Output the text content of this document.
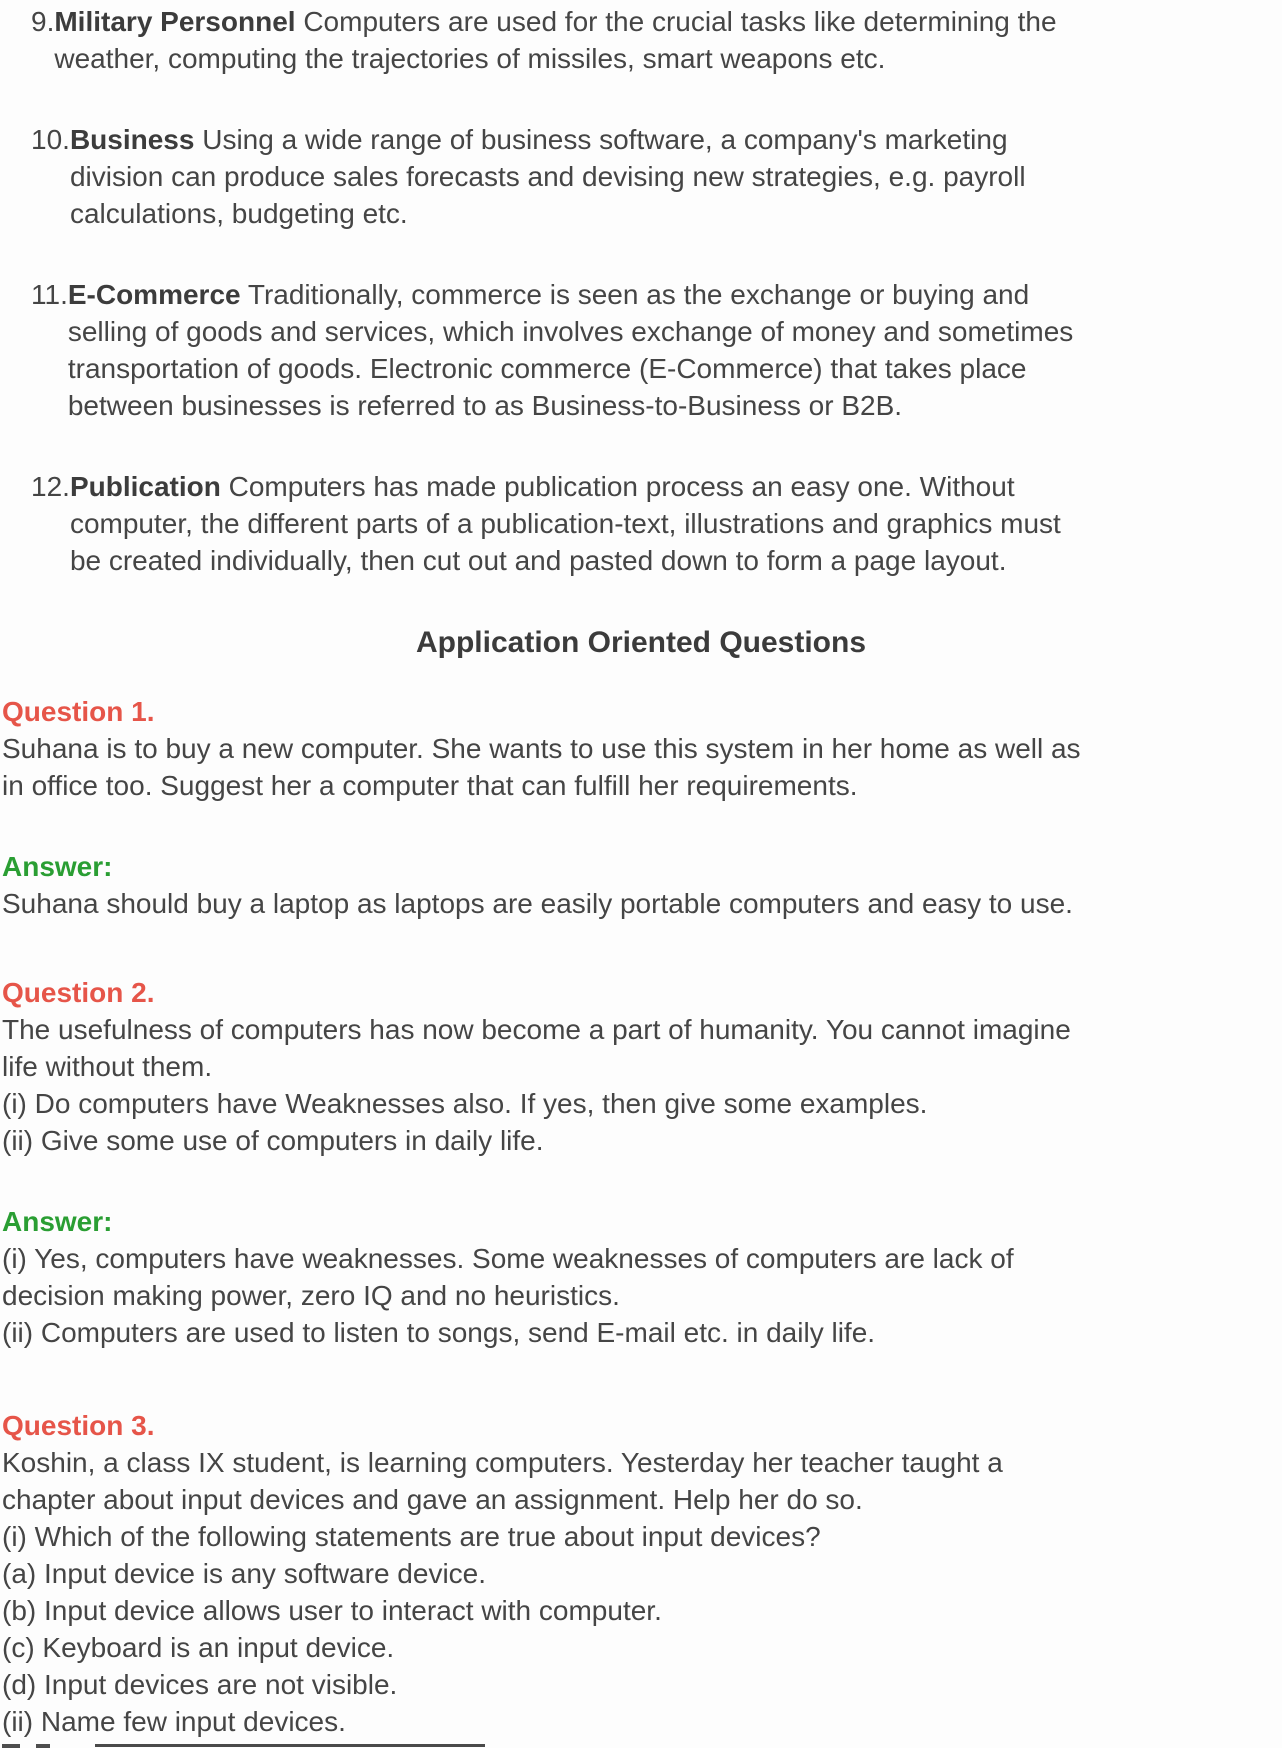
9. Military Personnel Computers are used for the crucial tasks like determining the
weather, computing the trajectories of missiles, smart weapons etc.
10. Business Using a wide range of business software, a company's marketing
division can produce sales forecasts and devising new strategies, e.g. payroll
calculations, budgeting etc.
11. E-Commerce Traditionally, commerce is seen as the exchange or buying and
selling of goods and services, which involves exchange of money and sometimes
transportation of goods. Electronic commerce (E-Commerce) that takes place
between businesses is referred to as Business-to-Business or B2B.
12. Publication Computers has made publication process an easy one. Without
computer, the different parts of a publication-text, illustrations and graphics must
be created individually, then cut out and pasted down to form a page layout.
Application Oriented Questions
Question 1.
Suhana is to buy a new computer. She wants to use this system in her home as well as
in office too. Suggest her a computer that can fulfill her requirements.
Answer:
Suhana should buy a laptop as laptops are easily portable computers and easy to use.
Question 2.
The usefulness of computers has now become a part of humanity. You cannot imagine
life without them.
(i) Do computers have Weaknesses also. If yes, then give some examples.
(ii) Give some use of computers in daily life.
Answer:
(i) Yes, computers have weaknesses. Some weaknesses of computers are lack of
decision making power, zero IQ and no heuristics.
(ii) Computers are used to listen to songs, send E-mail etc. in daily life.
Question 3.
Koshin, a class IX student, is learning computers. Yesterday her teacher taught a
chapter about input devices and gave an assignment. Help her do so.
(i) Which of the following statements are true about input devices?
(a) Input device is any software device.
(b) Input device allows user to interact with computer.
(c) Keyboard is an input device.
(d) Input devices are not visible.
(ii) Name few input devices.
